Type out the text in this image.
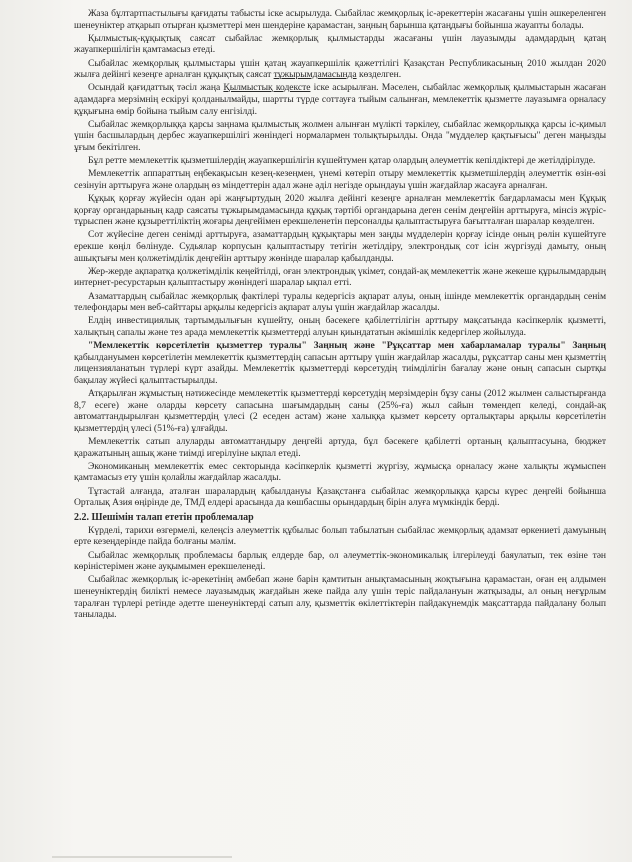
Жаза бұлтартпастылығы қағидаты табысты іске асырылуда. Сыбайлас жемқорлық іс-әрекеттерін жасағаны үшін әшкереленген шенеуніктер атқарып отырған қызметтері мен шендеріне қарамастан, заңның барынша қатаңдығы бойынша жауапты болады.

Қылмыстық-құқықтық саясат сыбайлас жемқорлық қылмыстарды жасағаны үшін лауазымды адамдардың қатаң жауапкершілігін қамтамасыз етеді.

Сыбайлас жемқорлық қылмыстары үшін қатаң жауапкершілік қажеттілігі Қазақстан Республикасының 2010 жылдан 2020 жылға дейінгі кезеңге арналған құқықтық саясат тұжырымдамасында көзделген.

Осындай қағидаттық тәсіл жаңа Қылмыстық кодексте іске асырылған. Мәселен, сыбайлас жемқорлық қылмыстарын жасаған адамдарға мерзімнің ескіруі қолданылмайды, шартты түрде соттауға тыйым салынған, мемлекеттік қызметте лауазымға орналасу құқығына өмір бойына тыйым салу енгізілді.

Сыбайлас жемқорлыққа қарсы заңнама қылмыстық жолмен алынған мүлікті тәркілеу, сыбайлас жемқорлыққа қарсы іс-қимыл үшін басшылардың дербес жауапкершілігі жөніндегі нормалармен толықтырылды. Онда "мүдделер қақтығысы" деген маңызды ұғым бекітілген.

Бұл ретте мемлекеттік қызметшілердің жауапкершілігін күшейтумен қатар олардың әлеуметтік кепілдіктері де жетілдірілуде.

Мемлекеттік аппараттың еңбекақысын кезең-кезеңмен, үнемі көтеріп отыру мемлекеттік қызметшілердің әлеуметтік өзін-өзі сезінуін арттыруға және олардың өз міндеттерін адал және әділ негізде орындауы үшін жағдайлар жасауға арналған.

Құқық қорғау жүйесін одан әрі жаңғыртудың 2020 жылға дейінгі кезеңге арналған мемлекеттік бағдарламасы мен Құқық қорғау органдарының кадр саясаты тұжырымдамасында құқық тәртібі органдарына деген сенім деңгейін арттыруға, мінсіз жүріс-тұрыспен және құзыреттіліктің жоғары деңгейімен ерекшеленетін персоналды қалыптастыруға бағытталған шаралар көзделген.

Сот жүйесіне деген сенімді арттыруға, азаматтардың құқықтары мен заңды мүдделерін қорғау ісінде оның рөлін күшейтуге ерекше көңіл бөлінуде. Судьялар корпусын қалыптастыру тетігін жетілдіру, электрондық сот ісін жүргізуді дамыту, оның ашықтығы мен қолжетімділік деңгейін арттыру жөнінде шаралар қабылданды.

Жер-жерде ақпаратқа қолжетімділік кеңейтілді, оған электрондық үкімет, сондай-ақ мемлекеттік және жекеше құрылымдардың интернет-ресурстарын қалыптастыру жөніндегі шаралар ықпал етті.

Азаматтардың сыбайлас жемқорлық фактілері туралы кедергісіз ақпарат алуы, оның ішінде мемлекеттік органдардың сенім телефондары мен веб-сайттары арқылы кедергісіз ақпарат алуы үшін жағдайлар жасалды.

Елдің инвестициялық тартымдылығын күшейту, оның бәсекеге қабілеттілігін арттыру мақсатында кәсіпкерлік қызметті, халықтың сапалы және тез арада мемлекеттік қызметтерді алуын қиындататын әкімшілік кедергілер жойылуда.

"Мемлекеттік көрсетілетін қызметтер туралы" Заңның және "Рұқсаттар мен хабарламалар туралы" Заңның қабылдануымен көрсетілетін мемлекеттік қызметтердің сапасын арттыру үшін жағдайлар жасалды, рұқсаттар саны мен қызметтің лицензияланатын түрлері күрт азайды. Мемлекеттік қызметтерді көрсетудің тиімділігін бағалау және оның сапасын сыртқы бақылау жүйесі қалыптастырылды.

Атқарылған жұмыстың нәтижесінде мемлекеттік қызметтерді көрсетудің мерзімдерін бұзу саны (2012 жылмен салыстырғанда 8,7 есеге) және оларды көрсету сапасына шағымдардың саны (25%-ға) жыл сайын төмендеп келеді, сондай-ақ автоматтандырылған қызметтердің үлесі (2 еседен астам) және халыққа қызмет көрсету орталықтары арқылы көрсетілетін қызметтердің үлесі (51%-ға) ұлғайды.

Мемлекеттік сатып алуларды автоматтандыру деңгейі артуда, бұл бәсекеге қабілетті ортаның қалыптасуына, бюджет қаражатының ашық және тиімді игерілуіне ықпал етеді.

Экономиканың мемлекеттік емес секторында кәсіпкерлік қызметті жүргізу, жұмысқа орналасу және халықты жұмыспен қамтамасыз ету үшін қолайлы жағдайлар жасалды.

Тұтастай алғанда, аталған шаралардың қабылдануы Қазақстанға сыбайлас жемқорлыққа қарсы күрес деңгейі бойынша Орталық Азия өңірінде де, ТМД елдері арасында да көшбасшы орындардың бірін алуға мүмкіндік берді.

2.2. Шешімін талап ететін проблемалар

Күрделі, тарихи өзгермелі, келеңсіз әлеуметтік құбылыс болып табылатын сыбайлас жемқорлық адамзат өркениеті дамуының ерте кезеңдерінде пайда болғаны мәлім.

Сыбайлас жемқорлық проблемасы барлық елдерде бар, ол әлеуметтік-экономикалық ілгерілеуді баяулатып, тек өзіне тән көріністерімен және ауқымымен ерекшеленеді.

Сыбайлас жемқорлық іс-әрекетінің әмбебап және барін қамтитын анықтамасының жоқтығына қарамастан, оған ең алдымен шенеуніктердің билікті немесе лауазымдық жағдайын жеке пайда алу үшін теріс пайдалануын жатқызады, ал оның неғұрлым таралған түрлері ретінде әдетте шенеуніктерді сатып алу, қызметтік өкілеттіктерін пайдакүнемдік мақсаттарда пайдалану болып танылады.
